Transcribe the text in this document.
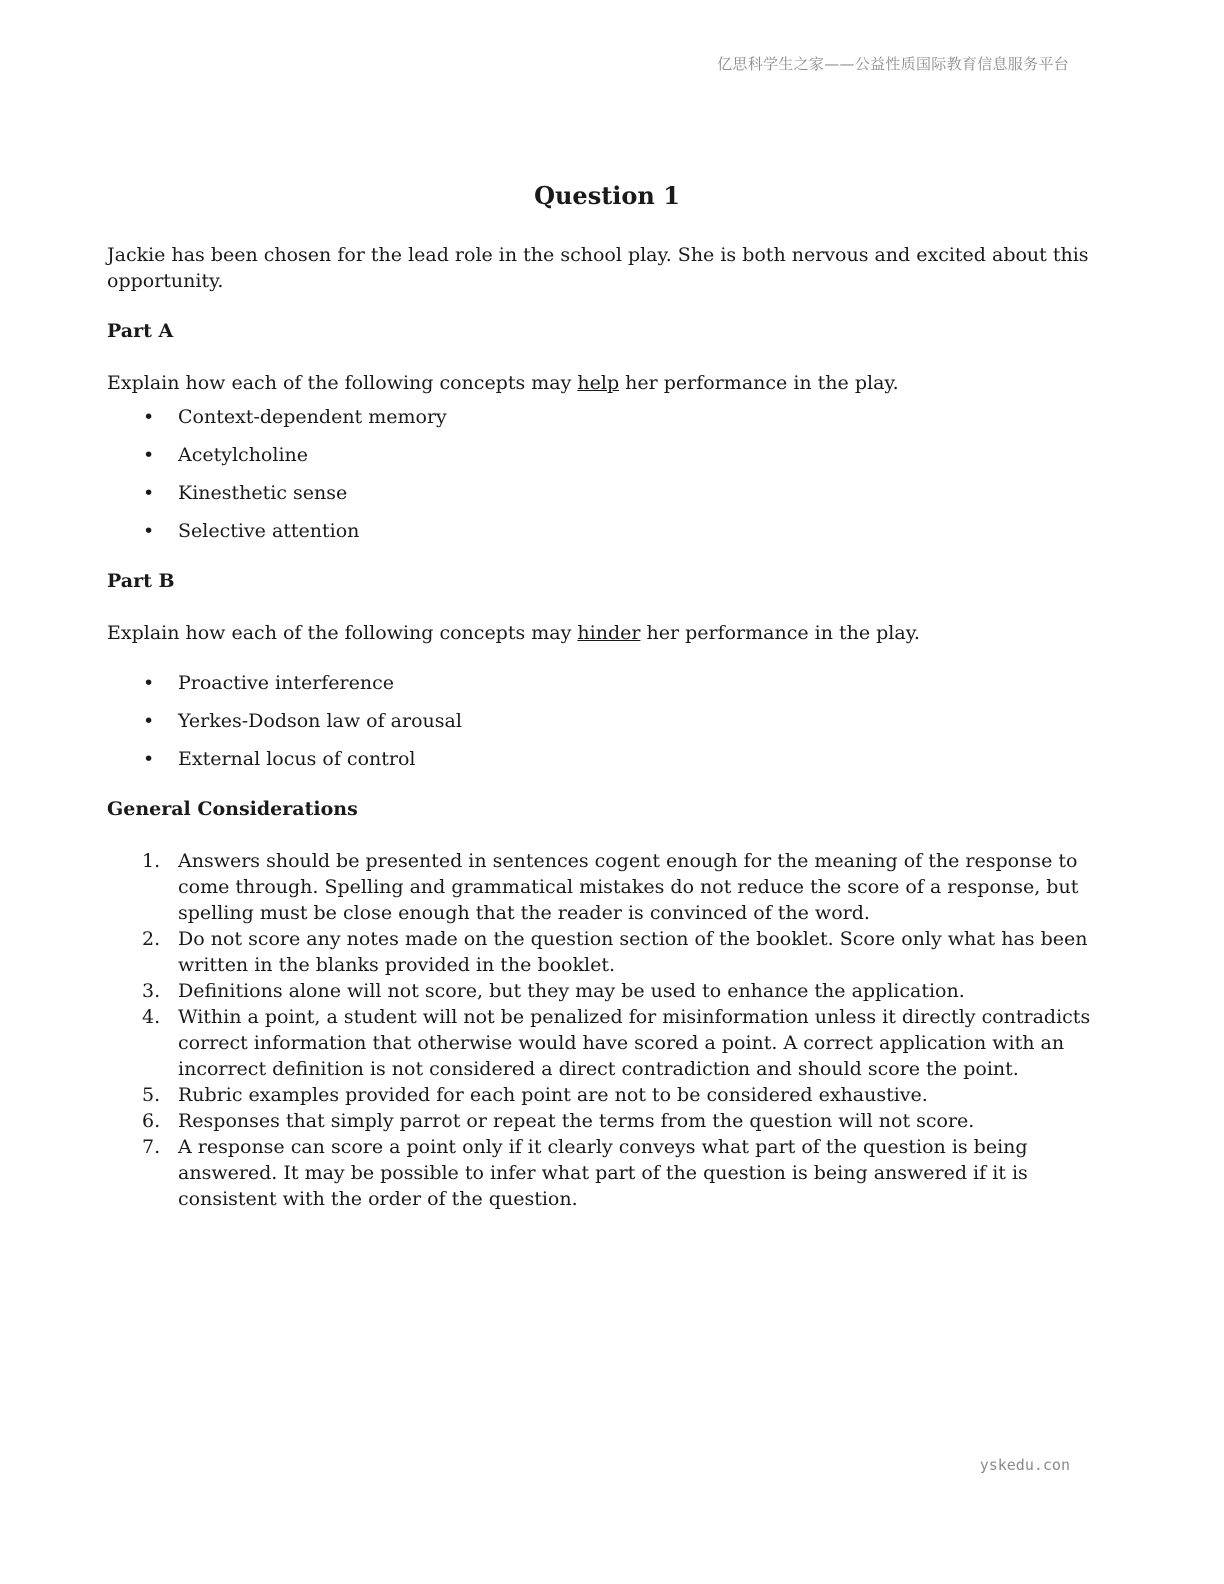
亿思科学生之家——公益性质国际教育信息服务平台
Question 1

Jackie has been chosen for the lead role in the school play. She is both nervous and excited about this opportunity.

Part A

Explain how each of the following concepts may help her performance in the play.

• Context-dependent memory
• Acetylcholine
• Kinesthetic sense
• Selective attention

Part B

Explain how each of the following concepts may hinder her performance in the play.

• Proactive interference
• Yerkes-Dodson law of arousal
• External locus of control

General Considerations

1. Answers should be presented in sentences cogent enough for the meaning of the response to come through. Spelling and grammatical mistakes do not reduce the score of a response, but spelling must be close enough that the reader is convinced of the word.
2. Do not score any notes made on the question section of the booklet. Score only what has been written in the blanks provided in the booklet.
3. Definitions alone will not score, but they may be used to enhance the application.
4. Within a point, a student will not be penalized for misinformation unless it directly contradicts correct information that otherwise would have scored a point. A correct application with an incorrect definition is not considered a direct contradiction and should score the point.
5. Rubric examples provided for each point are not to be considered exhaustive.
6. Responses that simply parrot or repeat the terms from the question will not score.
7. A response can score a point only if it clearly conveys what part of the question is being answered. It may be possible to infer what part of the question is being answered if it is consistent with the order of the question.
yskedu.con
